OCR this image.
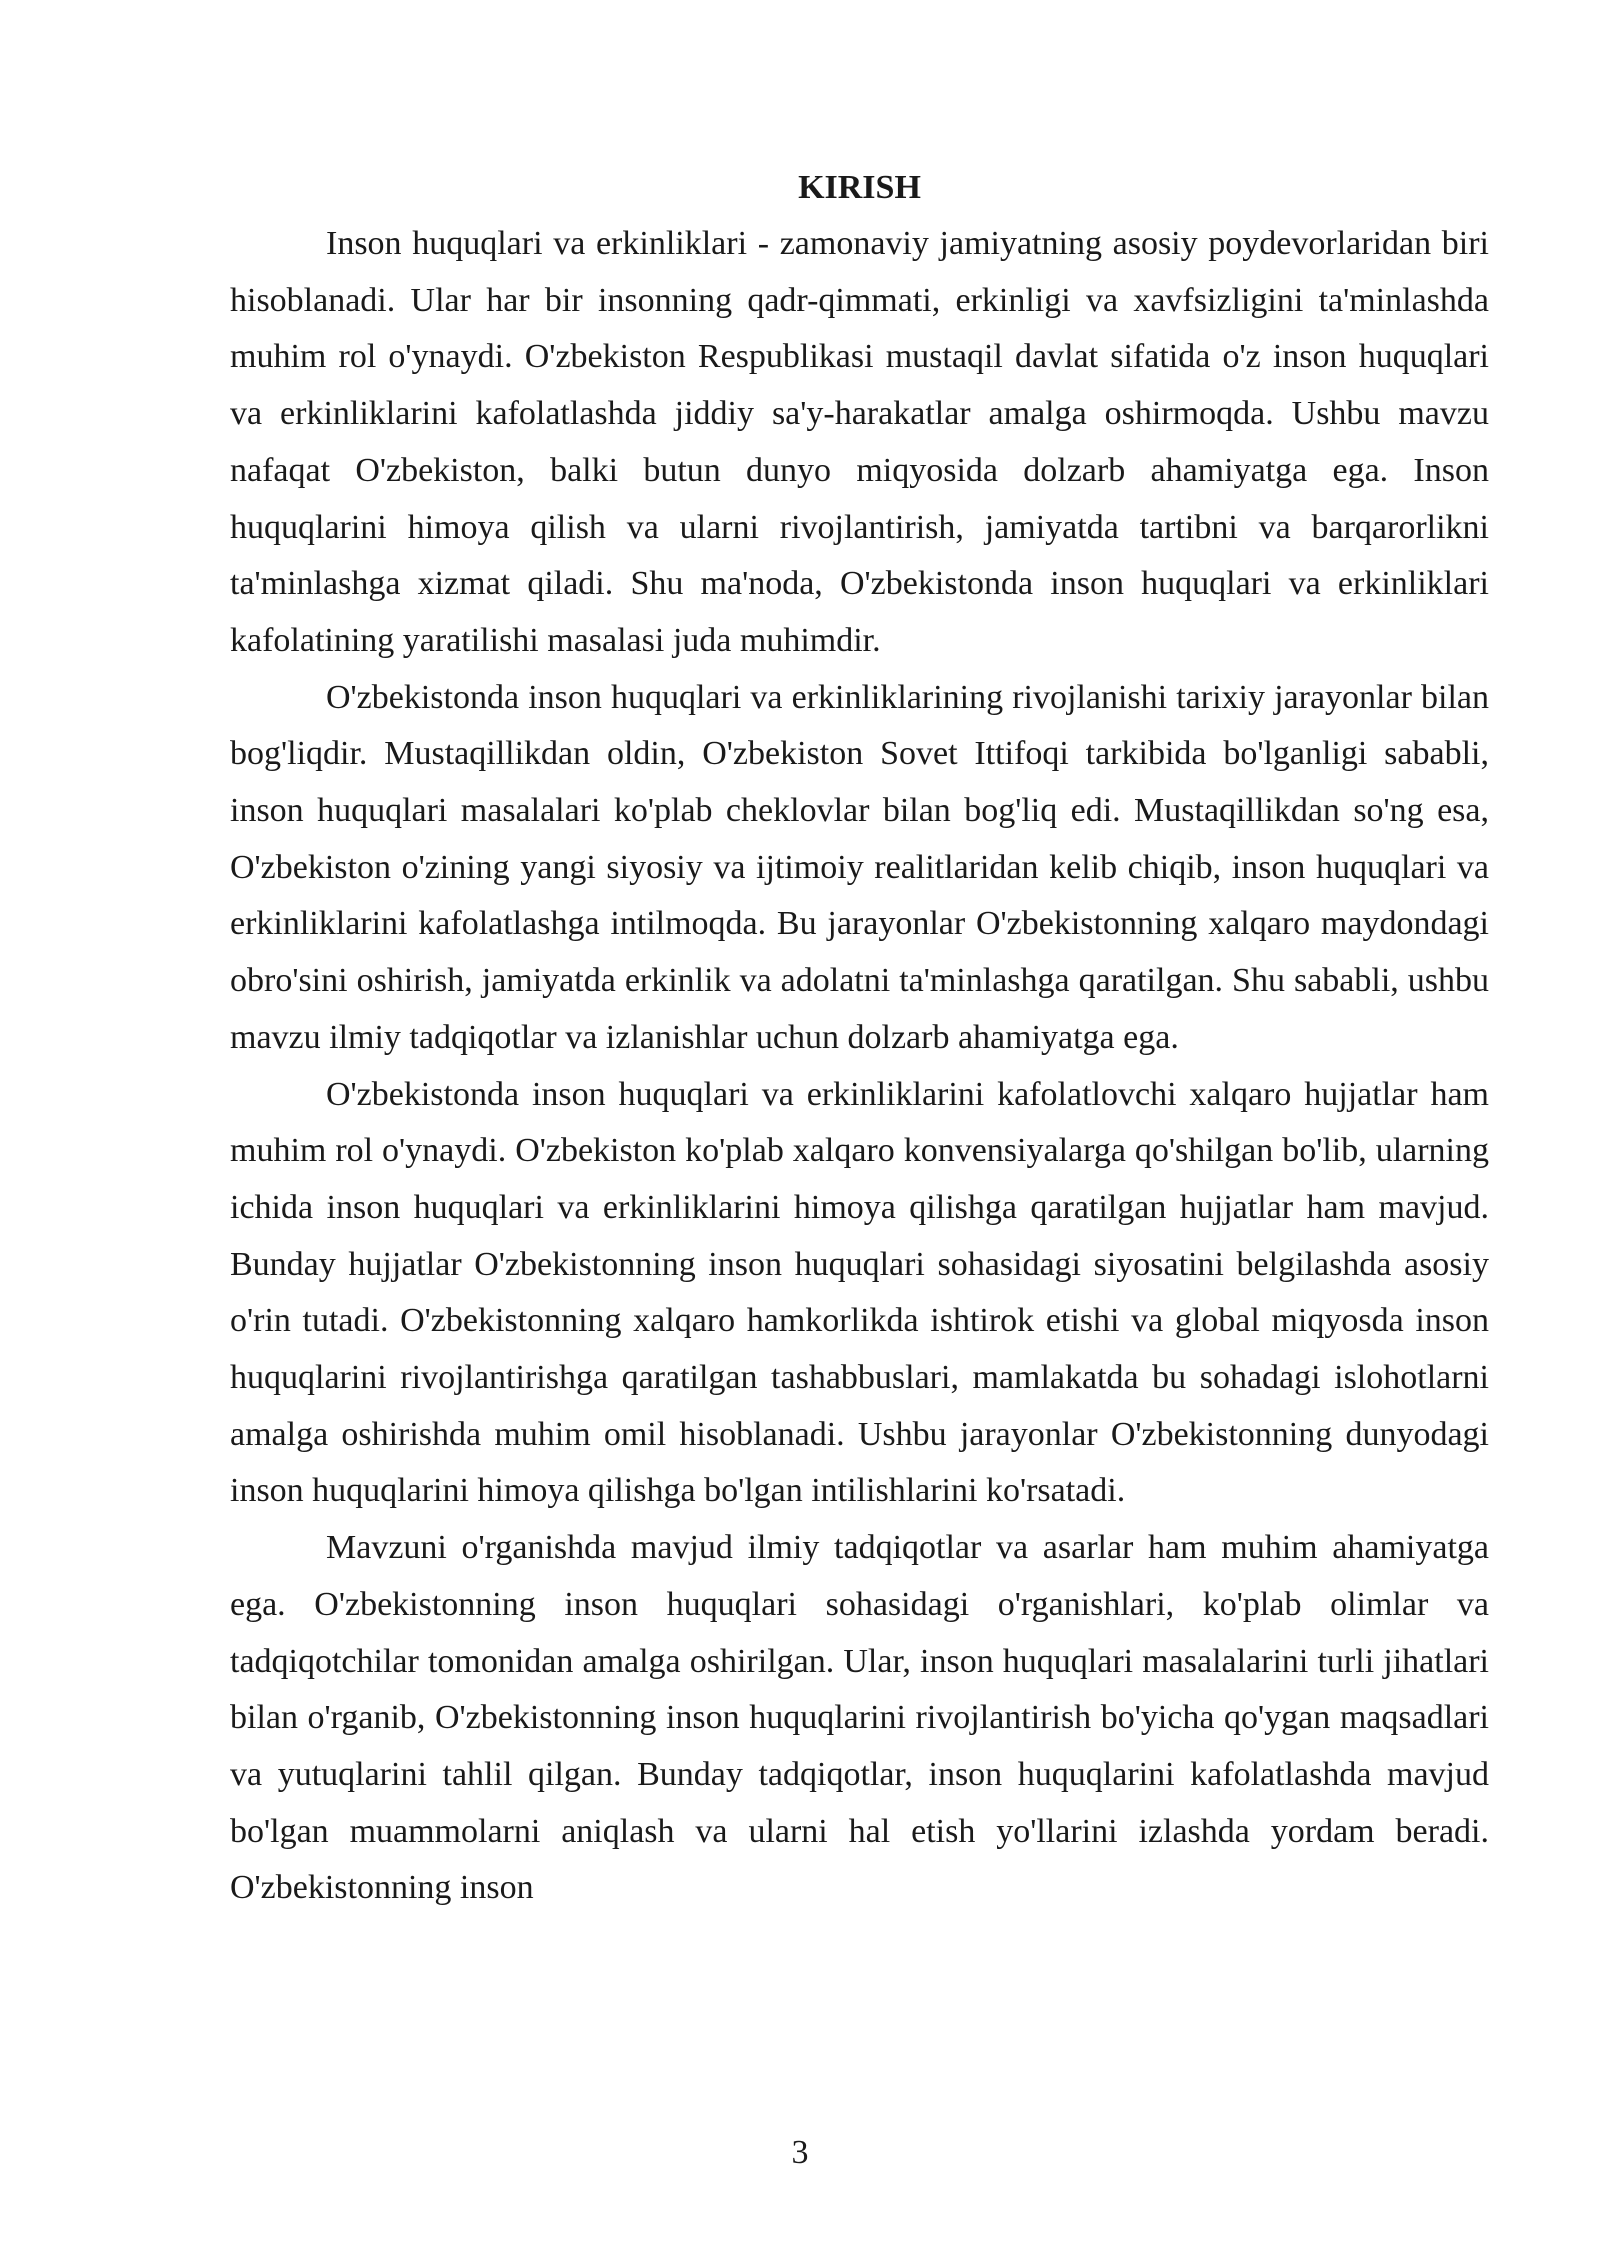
KIRISH

Inson huquqlari va erkinliklari - zamonaviy jamiyatning asosiy poydevorlaridan biri hisoblanadi. Ular har bir insonning qadr-qimmati, erkinligi va xavfsizligini ta'minlashda muhim rol o'ynaydi. O'zbekiston Respublikasi mustaqil davlat sifatida o'z inson huquqlari va erkinliklarini kafolatlashda jiddiy sa'y-harakatlar amalga oshirmoqda. Ushbu mavzu nafaqat O'zbekiston, balki butun dunyo miqyosida dolzarb ahamiyatga ega. Inson huquqlarini himoya qilish va ularni rivojlantirish, jamiyatda tartibni va barqarorlikni ta'minlashga xizmat qiladi. Shu ma'noda, O'zbekistonda inson huquqlari va erkinliklari kafolatining yaratilishi masalasi juda muhimdir.

O'zbekistonda inson huquqlari va erkinliklarining rivojlanishi tarixiy jarayonlar bilan bog'liqdir. Mustaqillikdan oldin, O'zbekiston Sovet Ittifoqi tarkibida bo'lganligi sababli, inson huquqlari masalalari ko'plab cheklovlar bilan bog'liq edi. Mustaqillikdan so'ng esa, O'zbekiston o'zining yangi siyosiy va ijtimoiy realitlaridan kelib chiqib, inson huquqlari va erkinliklarini kafolatlashga intilmoqda. Bu jarayonlar O'zbekistonning xalqaro maydondagi obro'sini oshirish, jamiyatda erkinlik va adolatni ta'minlashga qaratilgan. Shu sababli, ushbu mavzu ilmiy tadqiqotlar va izlanishlar uchun dolzarb ahamiyatga ega.

O'zbekistonda inson huquqlari va erkinliklarini kafolatlovchi xalqaro hujjatlar ham muhim rol o'ynaydi. O'zbekiston ko'plab xalqaro konvensiyalarga qo'shilgan bo'lib, ularning ichida inson huquqlari va erkinliklarini himoya qilishga qaratilgan hujjatlar ham mavjud. Bunday hujjatlar O'zbekistonning inson huquqlari sohasidagi siyosatini belgilashda asosiy o'rin tutadi. O'zbekistonning xalqaro hamkorlikda ishtirok etishi va global miqyosda inson huquqlarini rivojlantirishga qaratilgan tashabbuslari, mamlakatda bu sohadagi islohotlarni amalga oshirishda muhim omil hisoblanadi. Ushbu jarayonlar O'zbekistonning dunyodagi inson huquqlarini himoya qilishga bo'lgan intilishlarini ko'rsatadi.

Mavzuni o'rganishda mavjud ilmiy tadqiqotlar va asarlar ham muhim ahamiyatga ega. O'zbekistonning inson huquqlari sohasidagi o'rganishlari, ko'plab olimlar va tadqiqotchilar tomonidan amalga oshirilgan. Ular, inson huquqlari masalalarini turli jihatlari bilan o'rganib, O'zbekistonning inson huquqlarini rivojlantirish bo'yicha qo'ygan maqsadlari va yutuqlarini tahlil qilgan. Bunday tadqiqotlar, inson huquqlarini kafolatlashda mavjud bo'lgan muammolarni aniqlash va ularni hal etish yo'llarini izlashda yordam beradi. O'zbekistonning inson

3
